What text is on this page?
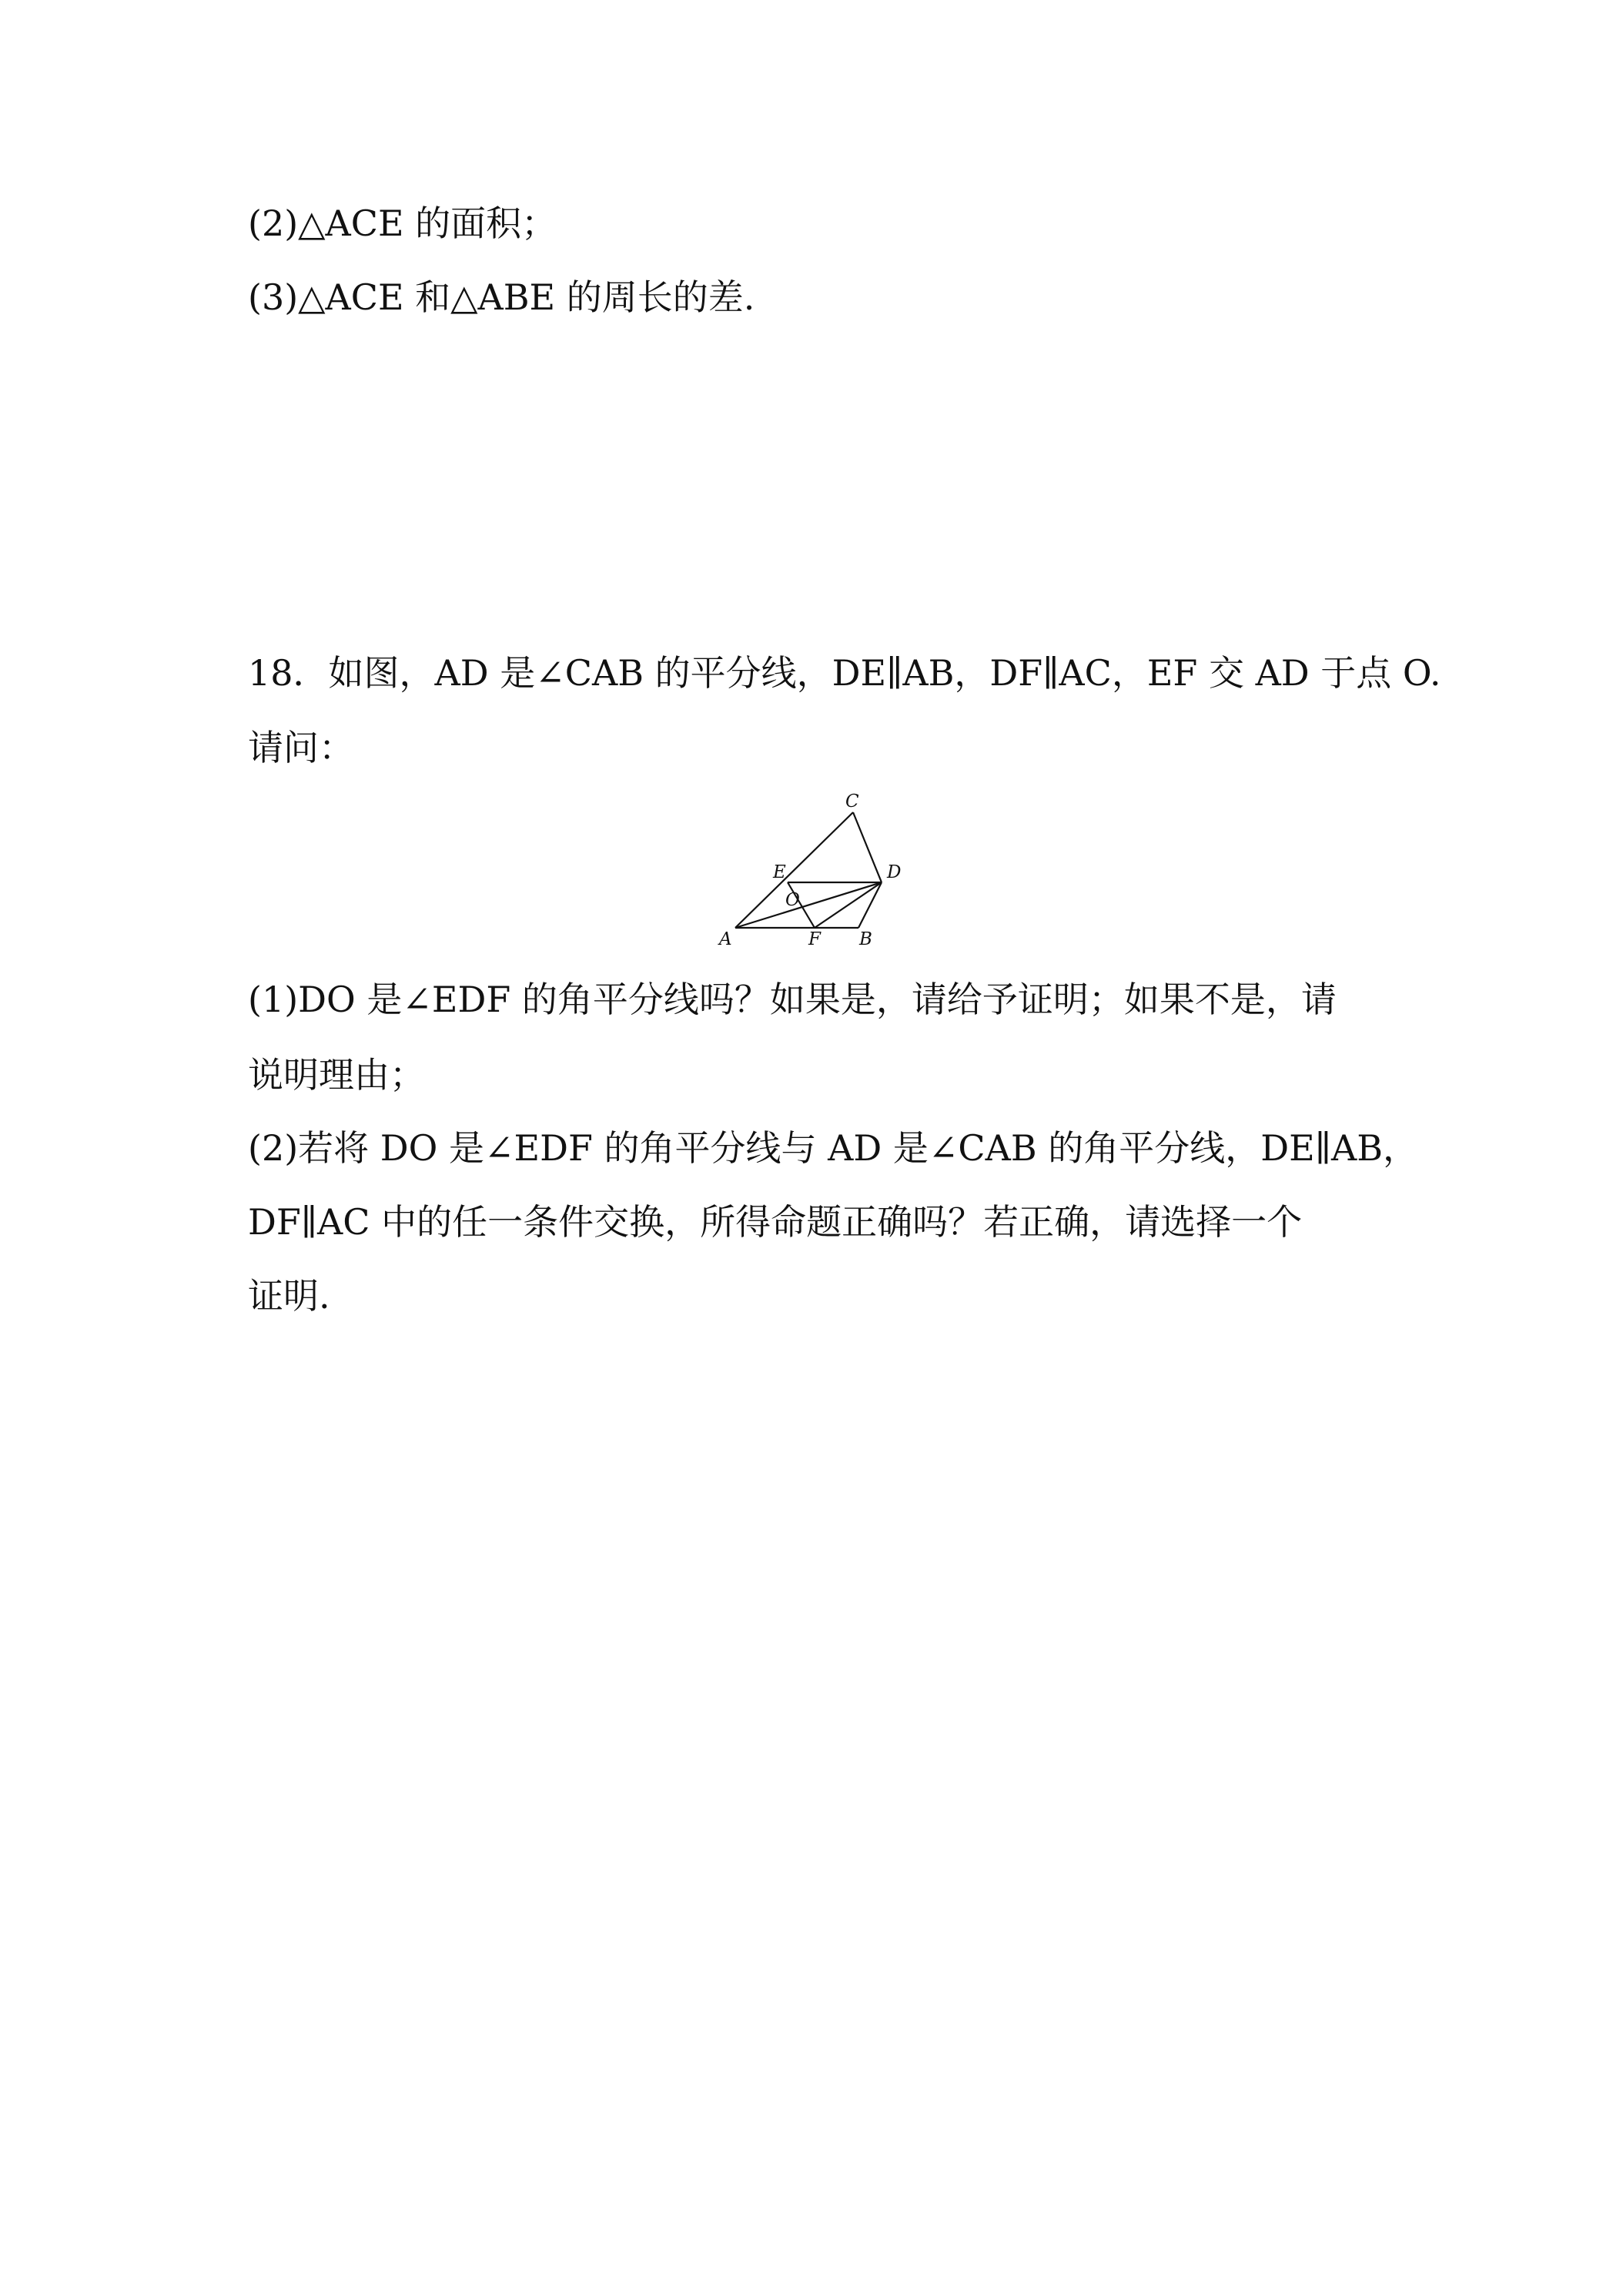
(2)△ACE 的面积；

(3)△ACE 和△ABE 的周长的差.

18．如图，AD 是∠CAB 的平分线，DE∥AB，DF∥AC，EF 交 AD 于点 O.

请问：

C
E	D
O
A	F B

(1)DO 是∠EDF 的角平分线吗？如果是，请给予证明；如果不是，请

说明理由；

(2)若将 DO 是∠EDF 的角平分线与 AD 是∠CAB 的角平分线，DE∥AB，

DF∥AC 中的任一条件交换，所得命题正确吗？若正确，请选择一个

证明.
